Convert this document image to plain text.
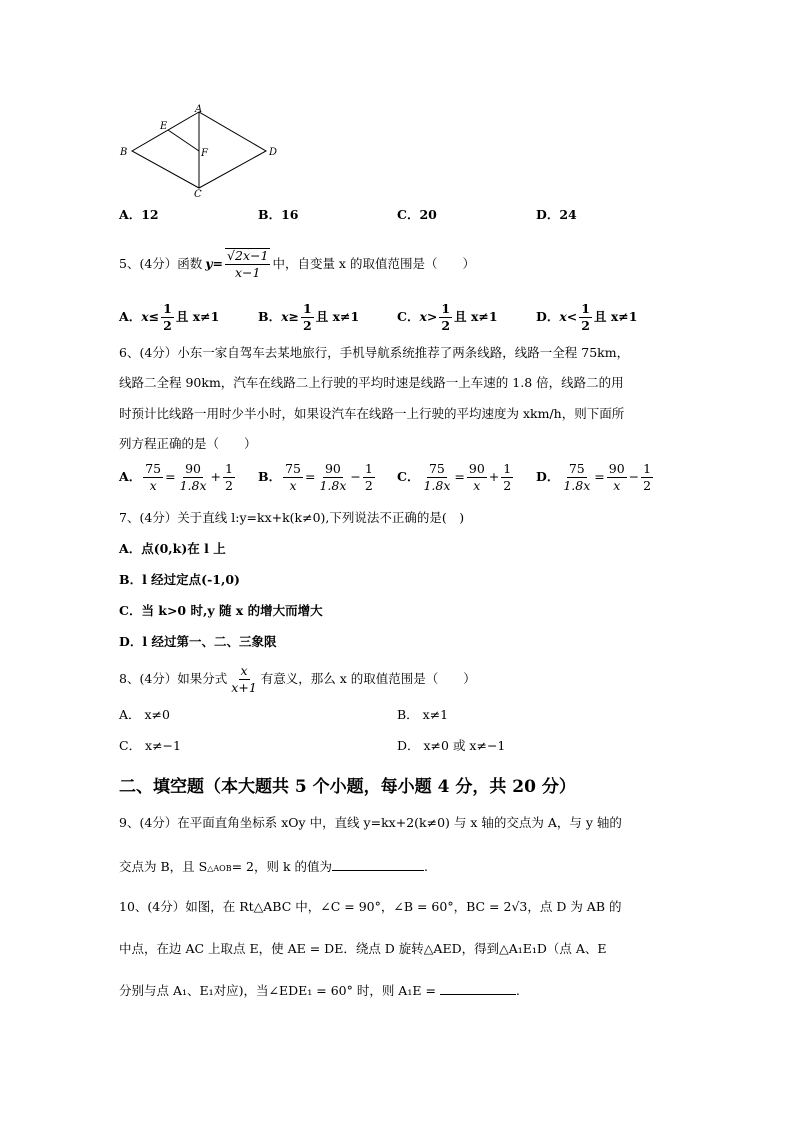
A
B
C
D
E
F
A．12	B．16	C．20	D．24
5、(4分）函数 $y= \frac{√2x-1}{x-1}$ 中，自变量 x 的取值范围是（　　）
A． $x\le \frac{1}{2}$ 且 x≠1	B． $x\ge \frac{1}{2}$ 且 x≠1	C． $x> \frac{1}{2}$ 且 x≠1	D． $x< \frac{1}{2}$ 且 x≠1
6、(4分）小东一家自驾车去某地旅行，手机导航系统推荐了两条线路，线路一全程 75km，
线路二全程 90km，汽车在线路二上行驶的平均时速是线路一上车速的 1.8 倍，线路二的用
时预计比线路一用时少半小时，如果设汽车在线路一上行驶的平均速度为 xkm/h，则下面所
列方程正确的是（　　）
A． $\frac{75}{x} = \frac{90}{1.8x} + \frac{1}{2}$ B． $\frac{75}{x} = \frac{90}{1.8x} - \frac{1}{2}$ C． $\frac{75}{1.8x} = \frac{90}{x} + \frac{1}{2}$ D． $\frac{75}{1.8x} = \frac{90}{x} - \frac{1}{2}$
7、(4分）关于直线 l:y=kx+k(k≠0),下列说法不正确的是(　)
A．点(0,k)在 l 上
B．l 经过定点(-1,0)
C．当 k>0 时,y 随 x 的增大而增大
D．l 经过第一、二、三象限
8、(4分）如果分式 $\frac{x}{x+1}$ 有意义，那么 x 的取值范围是（　　）
A． x≠0	B． x≠1
C． x≠−1	D． x≠0 或 x≠−1
二、填空题（本大题共 5 个小题，每小题 4 分，共 20 分）
9、(4分）在平面直角坐标系 xOy 中，直线 y=kx+2(k≠0) 与 x 轴的交点为 A，与 y 轴的
交点为 B，且 S △AOB = 2，则 k 的值为	.
10、(4分）如图，在 Rt△ABC 中，∠C = 90°，∠B = 60°，BC = 2√3，点 D 为 AB 的
中点，在边 AC 上取点 E，使 AE = DE．绕点 D 旋转△AED，得到△A₁E₁D（点 A、E
分别与点 A₁、E₁对应)，当∠EDE₁ = 60° 时，则 A₁E =	.
